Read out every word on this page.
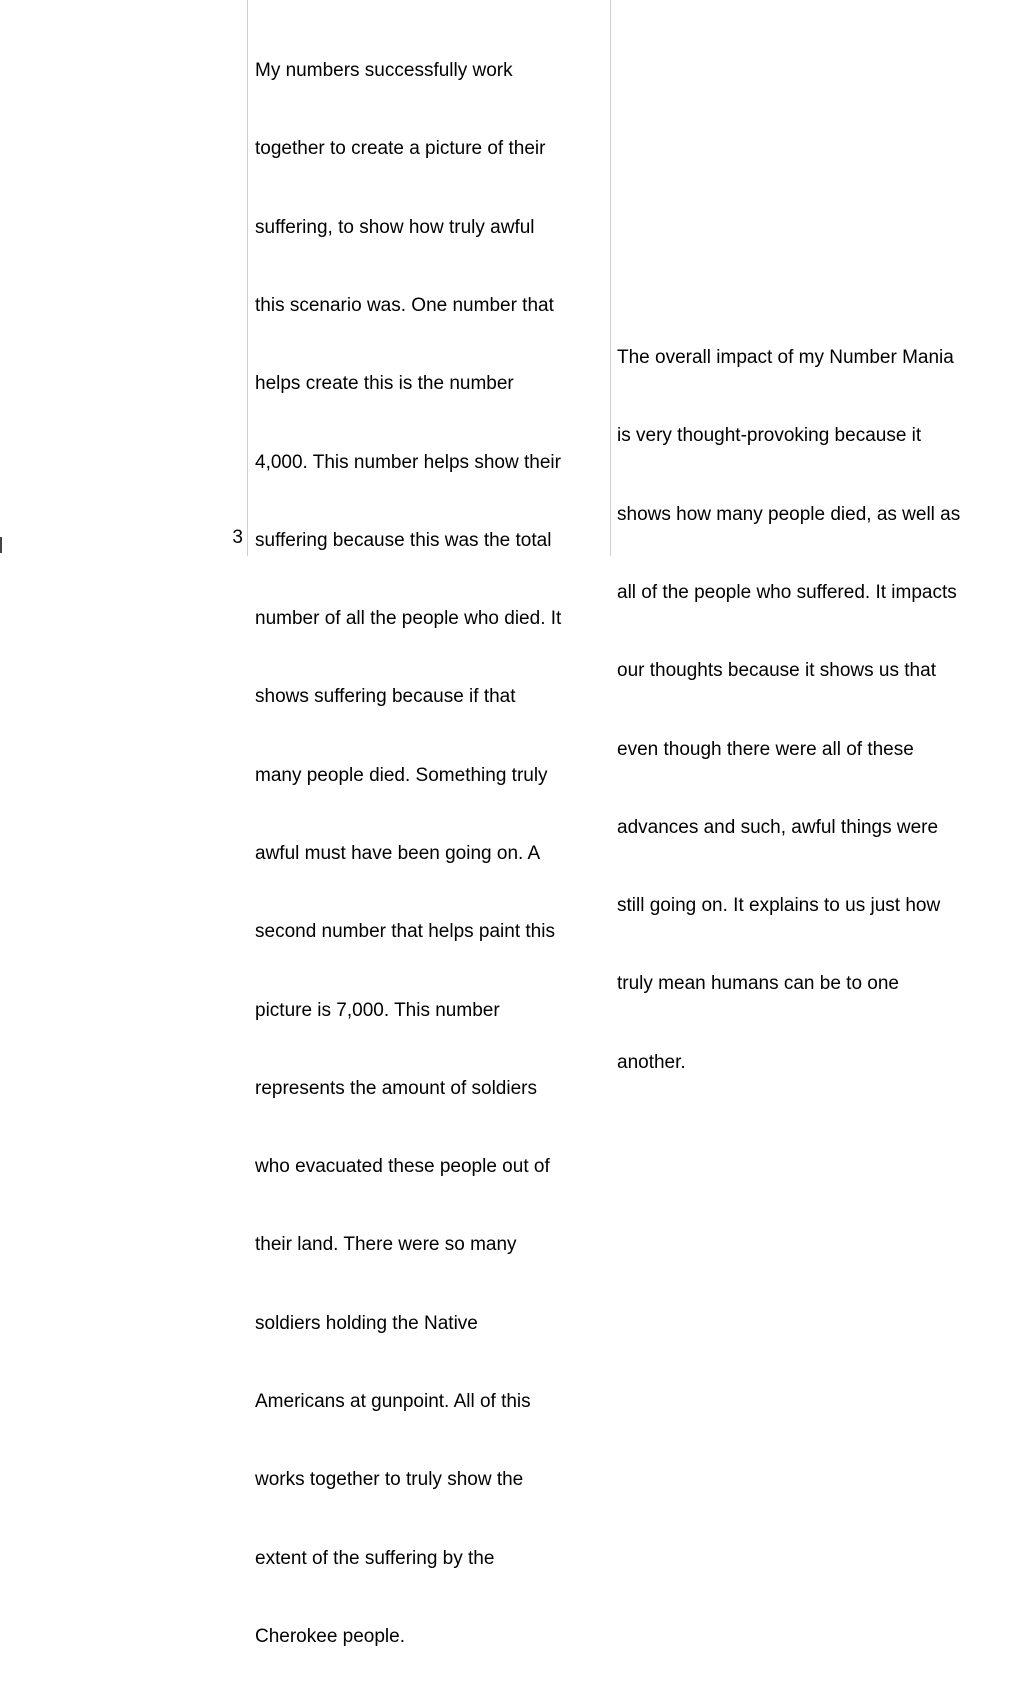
3

My numbers successfully work

together to create a picture of their

suffering, to show how truly awful

this scenario was. One number that

helps create this is the number

4,000. This number helps show their

suffering because this was the total

number of all the people who died. It

shows suffering because if that

many people died. Something truly

awful must have been going on. A

second number that helps paint this

picture is 7,000. This number

represents the amount of soldiers

who evacuated these people out of

their land. There were so many

soldiers holding the Native

Americans at gunpoint. All of this

works together to truly show the

extent of the suffering by the

Cherokee people.

The overall impact of my Number Mania

is very thought-provoking because it

shows how many people died, as well as

all of the people who suffered. It impacts

our thoughts because it shows us that

even though there were all of these

advances and such, awful things were

still going on. It explains to us just how

truly mean humans can be to one

another.
